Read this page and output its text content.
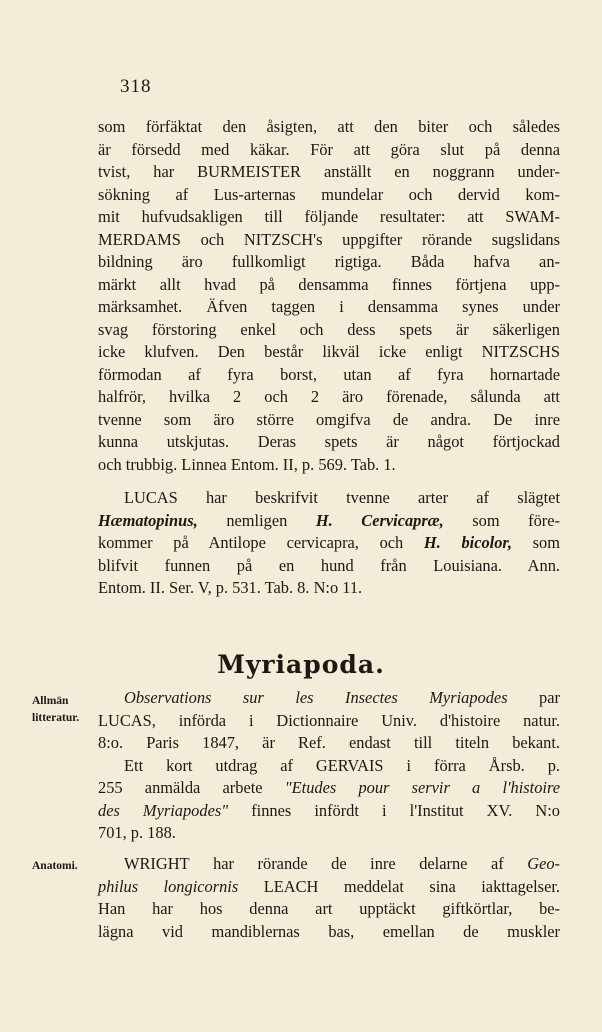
318
som förfäktat den åsigten, att den biter och således
är försedd med käkar. För att göra slut på denna
tvist, har BURMEISTER anställt en noggrann under-
sökning af Lus-arternas mundelar och dervid kom-
mit hufvudsakligen till följande resultater: att SWAM-
MERDAMS och NITZSCH's uppgifter rörande sugslidans
bildning äro fullkomligt rigtiga. Båda hafva an-
märkt allt hvad på densamma finnes förtjena upp-
märksamhet. Äfven taggen i densamma synes under
svag förstoring enkel och dess spets är säkerligen
icke klufven. Den består likväl icke enligt NITZSCHS
förmodan af fyra borst, utan af fyra hornartade
halfrör, hvilka 2 och 2 äro förenade, sålunda att
tvenne som äro större omgifva de andra. De inre
kunna utskjutas. Deras spets är något förtjockad
och trubbig. Linnea Entom. II, p. 569. Tab. 1.
LUCAS har beskrifvit tvenne arter af slägtet
Hæmatopinus, nemligen H. Cervicapræ, som före-
kommer på Antilope cervicapra, och H. bicolor, som
blifvit funnen på en hund från Louisiana. Ann.
Entom. II. Ser. V, p. 531. Tab. 8. N:o 11.
Myriapoda.
Allmän
litteratur.
Anatomi.
Observations sur les Insectes Myriapodes par
LUCAS, införda i Dictionnaire Univ. d'histoire natur.
8:o. Paris 1847, är Ref. endast till titeln bekant.
Ett kort utdrag af GERVAIS i förra Årsb. p.
255 anmälda arbete "Etudes pour servir a l'histoire
des Myriapodes" finnes infördt i l'Institut XV. N:o
701, p. 188.
WRIGHT har rörande de inre delarne af Geo-
philus longicornis LEACH meddelat sina iakttagelser.
Han har hos denna art upptäckt giftkörtlar, be-
lägna vid mandiblernas bas, emellan de muskler
